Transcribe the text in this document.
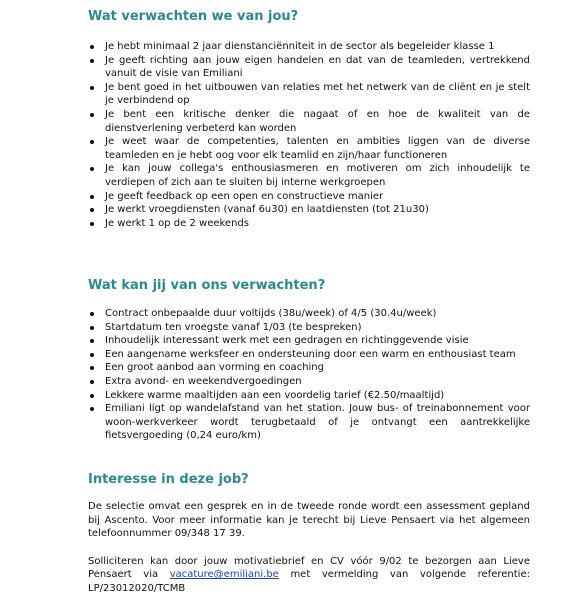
Wat verwachten we van jou?
Je hebt minimaal 2 jaar dienstanciënniteit in de sector als begeleider klasse 1
Je geeft richting aan jouw eigen handelen en dat van de teamleden, vertrekkend vanuit de visie van Emiliani
Je bent goed in het uitbouwen van relaties met het netwerk van de cliënt en je stelt je verbindend op
Je bent een kritische denker die nagaat of en hoe de kwaliteit van de dienstverlening verbeterd kan worden
Je weet waar de competenties, talenten en ambities liggen van de diverse teamleden en je hebt oog voor elk teamlid en zijn/haar functioneren
Je kan jouw collega's enthousiasmeren en motiveren om zich inhoudelijk te verdiepen of zich aan te sluiten bij interne werkgroepen
Je geeft feedback op een open en constructieve manier
Je werkt vroegdiensten (vanaf 6u30) en laatdiensten (tot 21u30)
Je werkt 1 op de 2 weekends
Wat kan jij van ons verwachten?
Contract onbepaalde duur voltijds (38u/week) of 4/5 (30.4u/week)
Startdatum ten vroegste vanaf 1/03 (te bespreken)
Inhoudelijk interessant werk met een gedragen en richtinggevende visie
Een aangename werksfeer en ondersteuning door een warm en enthousiast team
Een groot aanbod aan vorming en coaching
Extra avond- en weekendvergoedingen
Lekkere warme maaltijden aan een voordelig tarief (€2.50/maaltijd)
Emiliani ligt op wandelafstand van het station. Jouw bus- of treinabonnement voor woon-werkverkeer wordt terugbetaald of je ontvangt een aantrekkelijke fietsvergoeding (0,24 euro/km)
Interesse in deze job?

De selectie omvat een gesprek en in de tweede ronde wordt een assessment gepland bij Ascento. Voor meer informatie kan je terecht bij Lieve Pensaert via het algemeen telefoonnummer 09/348 17 39.

Solliciteren kan door jouw motivatiebrief en CV vóór 9/02 te bezorgen aan Lieve Pensaert via vacature@emiliani.be met vermelding van volgende referentie: LP/23012020/TCMB
